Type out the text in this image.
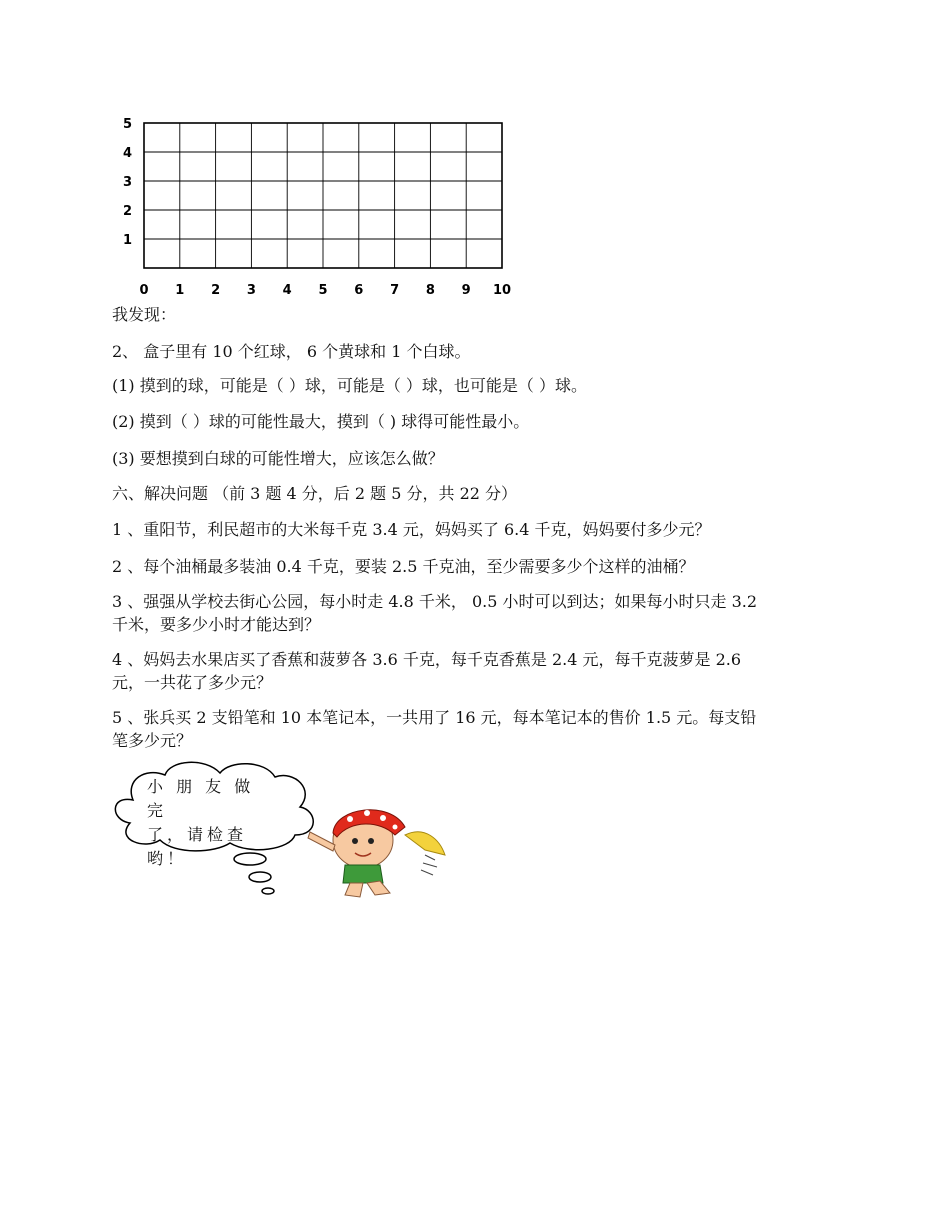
5
4
3
2
1
0 1 2 3 4 5 6 7 8 9 10
我发现：
2、 盒子里有 10 个红球， 6 个黄球和 1 个白球。
(1) 摸到的球，可能是（ ）球，可能是（ ）球，也可能是（ ）球。
(2) 摸到（ ）球的可能性最大，摸到（ ) 球得可能性最小。
(3) 要想摸到白球的可能性增大，应该怎么做？
六、解决问题 （前 3 题 4 分，后 2 题 5 分，共 22 分）
1 、重阳节，利民超市的大米每千克 3.4 元，妈妈买了 6.4 千克，妈妈要付多少元？
2 、每个油桶最多装油 0.4 千克，要装 2.5 千克油，至少需要多少个这样的油桶？
3 、强强从学校去街心公园，每小时走 4.8 千米， 0.5 小时可以到达；如果每小时只走 3.2
千米，要多少小时才能达到？
4 、妈妈去水果店买了香蕉和菠萝各 3.6 千克，每千克香蕉是 2.4 元，每千克菠萝是 2.6
元，一共花了多少元？
5 、张兵买 2 支铅笔和 10 本笔记本，一共用了 16 元，每本笔记本的售价 1.5 元。每支铅
笔多少元？
小 朋 友 做 完
了，请检查哟！
